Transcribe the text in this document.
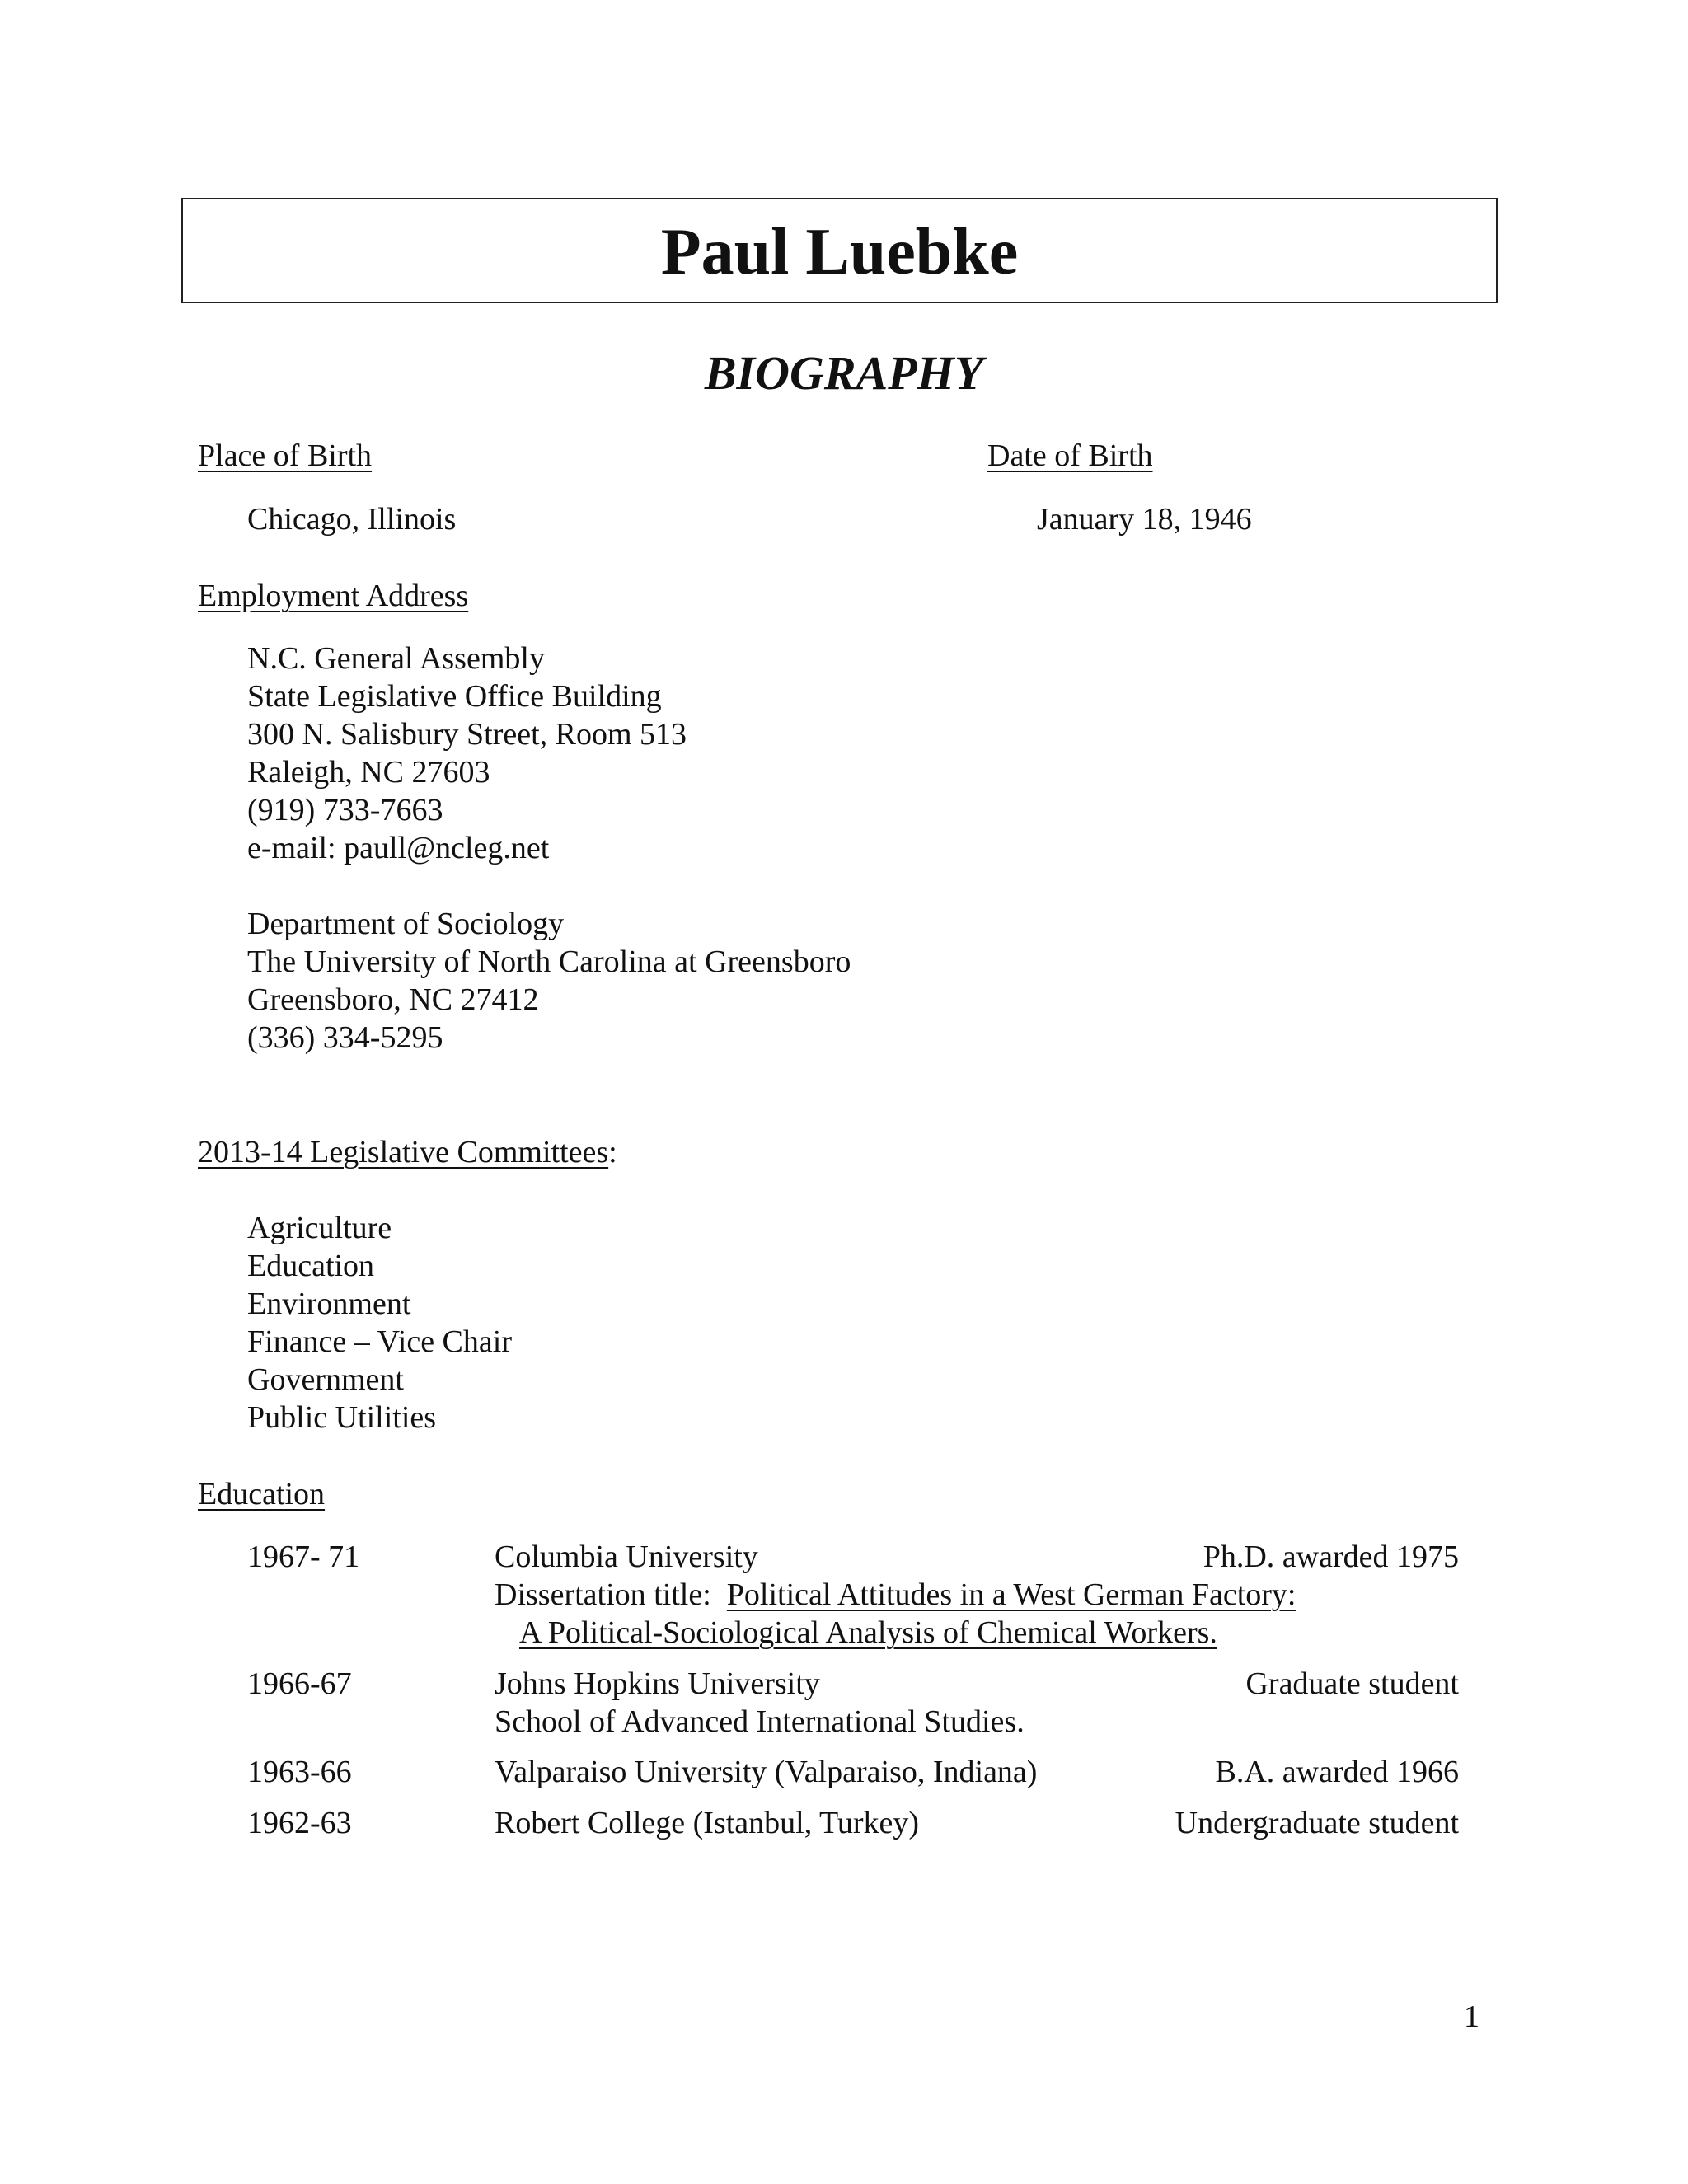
Paul Luebke
BIOGRAPHY
Place of Birth	Date of Birth
Chicago, Illinois	January 18, 1946
Employment Address
N.C. General Assembly
State Legislative Office Building
300 N. Salisbury Street, Room 513
Raleigh, NC 27603
(919) 733-7663
e-mail: paull@ncleg.net
Department of Sociology
The University of North Carolina at Greensboro
Greensboro, NC 27412
(336) 334-5295
2013-14 Legislative Committees:
Agriculture
Education
Environment
Finance – Vice Chair
Government
Public Utilities
Education
1967- 71	Columbia University	Ph.D. awarded 1975
Dissertation title:  Political Attitudes in a West German Factory:
A Political-Sociological Analysis of Chemical Workers.
1966-67	Johns Hopkins University	Graduate student
School of Advanced International Studies.
1963-66	Valparaiso University (Valparaiso, Indiana)	B.A. awarded 1966
1962-63	Robert College (Istanbul, Turkey)	Undergraduate student
1
